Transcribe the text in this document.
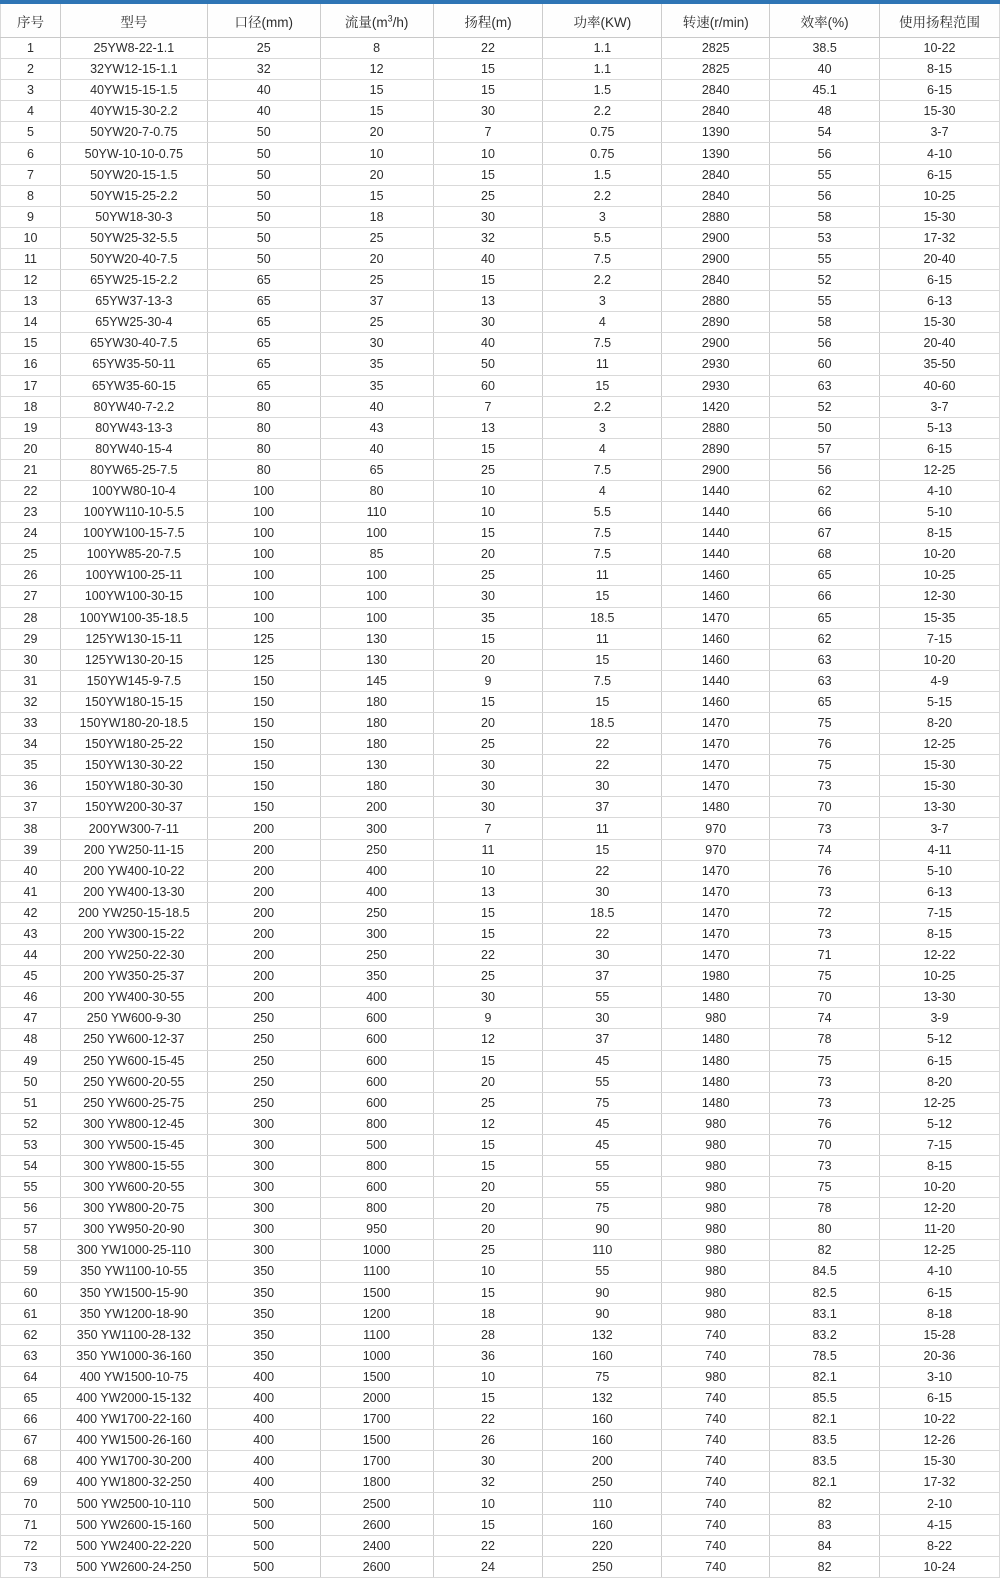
序号	型号	口径(mm)	流量$(m^3/h)$	扬程(m)	功率(KW)	转速(r/min)	效率(%)	使用扬程范围
1	25YW8-22-1.1	25	8	22	1.1	2825	38.5	10-22
2	32YW12-15-1.1	32	12	15	1.1	2825	40	8-15
3	40YW15-15-1.5	40	15	15	1.5	2840	45.1	6-15
4	40YW15-30-2.2	40	15	30	2.2	2840	48	15-30
5	50YW20-7-0.75	50	20	7	0.75	1390	54	3-7
6	50YW-10-10-0.75	50	10	10	0.75	1390	56	4-10
7	50YW20-15-1.5	50	20	15	1.5	2840	55	6-15
8	50YW15-25-2.2	50	15	25	2.2	2840	56	10-25
9	50YW18-30-3	50	18	30	3	2880	58	15-30
10	50YW25-32-5.5	50	25	32	5.5	2900	53	17-32
11	50YW20-40-7.5	50	20	40	7.5	2900	55	20-40
12	65YW25-15-2.2	65	25	15	2.2	2840	52	6-15
13	65YW37-13-3	65	37	13	3	2880	55	6-13
14	65YW25-30-4	65	25	30	4	2890	58	15-30
15	65YW30-40-7.5	65	30	40	7.5	2900	56	20-40
16	65YW35-50-11	65	35	50	11	2930	60	35-50
17	65YW35-60-15	65	35	60	15	2930	63	40-60
18	80YW40-7-2.2	80	40	7	2.2	1420	52	3-7
19	80YW43-13-3	80	43	13	3	2880	50	5-13
20	80YW40-15-4	80	40	15	4	2890	57	6-15
21	80YW65-25-7.5	80	65	25	7.5	2900	56	12-25
22	100YW80-10-4	100	80	10	4	1440	62	4-10
23	100YW110-10-5.5	100	110	10	5.5	1440	66	5-10
24	100YW100-15-7.5	100	100	15	7.5	1440	67	8-15
25	100YW85-20-7.5	100	85	20	7.5	1440	68	10-20
26	100YW100-25-11	100	100	25	11	1460	65	10-25
27	100YW100-30-15	100	100	30	15	1460	66	12-30
28	100YW100-35-18.5	100	100	35	18.5	1470	65	15-35
29	125YW130-15-11	125	130	15	11	1460	62	7-15
30	125YW130-20-15	125	130	20	15	1460	63	10-20
31	150YW145-9-7.5	150	145	9	7.5	1440	63	4-9
32	150YW180-15-15	150	180	15	15	1460	65	5-15
33	150YW180-20-18.5	150	180	20	18.5	1470	75	8-20
34	150YW180-25-22	150	180	25	22	1470	76	12-25
35	150YW130-30-22	150	130	30	22	1470	75	15-30
36	150YW180-30-30	150	180	30	30	1470	73	15-30
37	150YW200-30-37	150	200	30	37	1480	70	13-30
38	200YW300-7-11	200	300	7	11	970	73	3-7
39	200 YW250-11-15	200	250	11	15	970	74	4-11
40	200 YW400-10-22	200	400	10	22	1470	76	5-10
41	200 YW400-13-30	200	400	13	30	1470	73	6-13
42	200 YW250-15-18.5	200	250	15	18.5	1470	72	7-15
43	200 YW300-15-22	200	300	15	22	1470	73	8-15
44	200 YW250-22-30	200	250	22	30	1470	71	12-22
45	200 YW350-25-37	200	350	25	37	1980	75	10-25
46	200 YW400-30-55	200	400	30	55	1480	70	13-30
47	250 YW600-9-30	250	600	9	30	980	74	3-9
48	250 YW600-12-37	250	600	12	37	1480	78	5-12
49	250 YW600-15-45	250	600	15	45	1480	75	6-15
50	250 YW600-20-55	250	600	20	55	1480	73	8-20
51	250 YW600-25-75	250	600	25	75	1480	73	12-25
52	300 YW800-12-45	300	800	12	45	980	76	5-12
53	300 YW500-15-45	300	500	15	45	980	70	7-15
54	300 YW800-15-55	300	800	15	55	980	73	8-15
55	300 YW600-20-55	300	600	20	55	980	75	10-20
56	300 YW800-20-75	300	800	20	75	980	78	12-20
57	300 YW950-20-90	300	950	20	90	980	80	11-20
58	300 YW1000-25-110	300	1000	25	110	980	82	12-25
59	350 YW1100-10-55	350	1100	10	55	980	84.5	4-10
60	350 YW1500-15-90	350	1500	15	90	980	82.5	6-15
61	350 YW1200-18-90	350	1200	18	90	980	83.1	8-18
62	350 YW1100-28-132	350	1100	28	132	740	83.2	15-28
63	350 YW1000-36-160	350	1000	36	160	740	78.5	20-36
64	400 YW1500-10-75	400	1500	10	75	980	82.1	3-10
65	400 YW2000-15-132	400	2000	15	132	740	85.5	6-15
66	400 YW1700-22-160	400	1700	22	160	740	82.1	10-22
67	400 YW1500-26-160	400	1500	26	160	740	83.5	12-26
68	400 YW1700-30-200	400	1700	30	200	740	83.5	15-30
69	400 YW1800-32-250	400	1800	32	250	740	82.1	17-32
70	500 YW2500-10-110	500	2500	10	110	740	82	2-10
71	500 YW2600-15-160	500	2600	15	160	740	83	4-15
72	500 YW2400-22-220	500	2400	22	220	740	84	8-22
73	500 YW2600-24-250	500	2600	24	250	740	82	10-24
